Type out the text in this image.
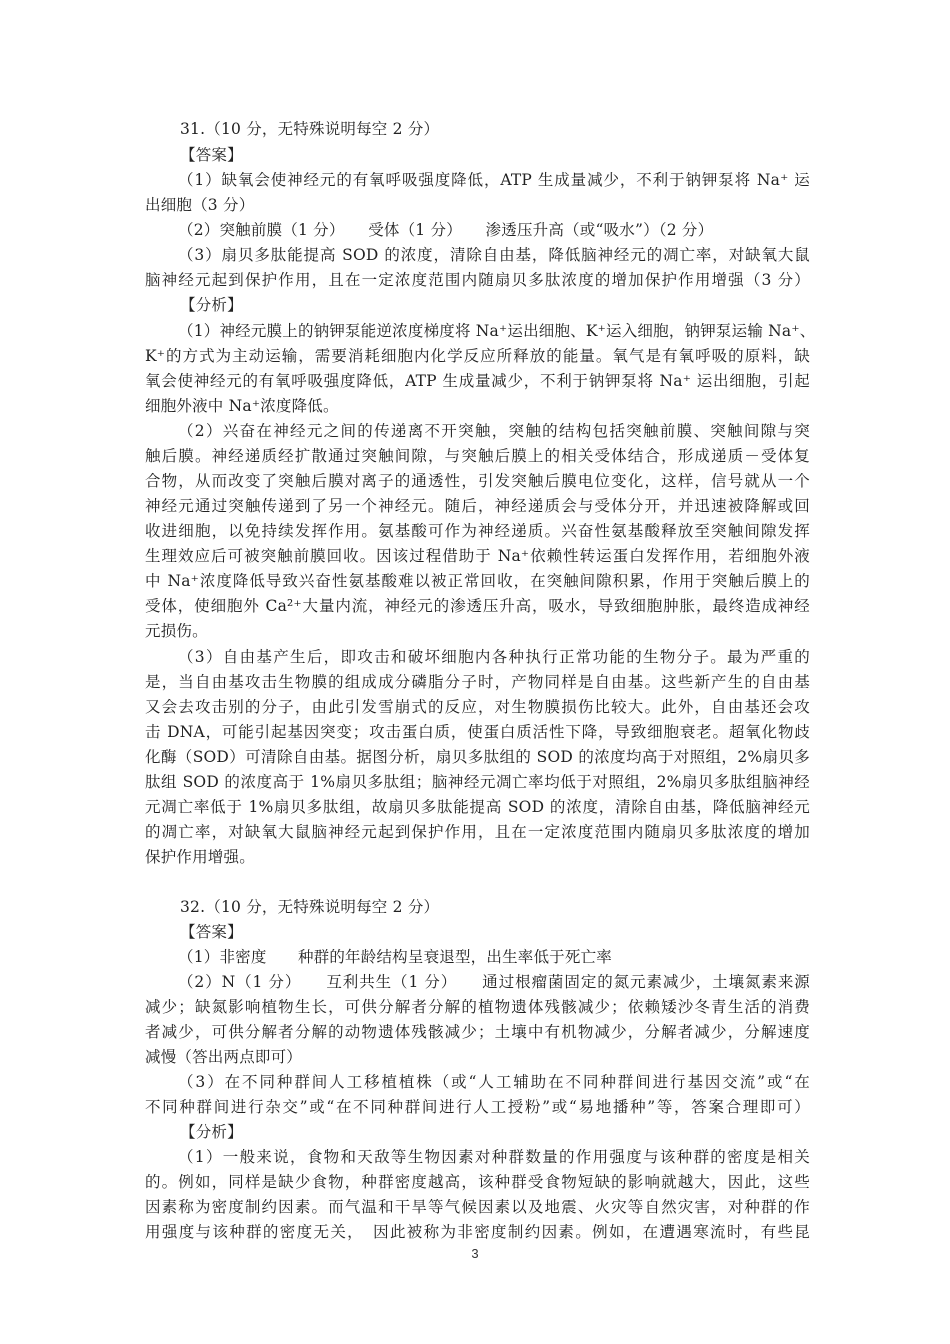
31.（10 分，无特殊说明每空 2 分）
【答案】
（1）缺氧会使神经元的有氧呼吸强度降低，ATP 生成量减少，不利于钠钾泵将 Na⁺ 运
出细胞（3 分）
（2）突触前膜（1 分）　　受体（1 分）　　渗透压升高（或“吸水”）（2 分）
（3）扇贝多肽能提高 SOD 的浓度，清除自由基，降低脑神经元的凋亡率，对缺氧大鼠
脑神经元起到保护作用，且在一定浓度范围内随扇贝多肽浓度的增加保护作用增强（3 分）
【分析】
（1）神经元膜上的钠钾泵能逆浓度梯度将 Na⁺运出细胞、K⁺运入细胞，钠钾泵运输 Na⁺、
K⁺的方式为主动运输，需要消耗细胞内化学反应所释放的能量。氧气是有氧呼吸的原料，缺
氧会使神经元的有氧呼吸强度降低，ATP 生成量减少，不利于钠钾泵将 Na⁺ 运出细胞，引起
细胞外液中 Na⁺浓度降低。
（2）兴奋在神经元之间的传递离不开突触，突触的结构包括突触前膜、突触间隙与突
触后膜。神经递质经扩散通过突触间隙，与突触后膜上的相关受体结合，形成递质－受体复
合物，从而改变了突触后膜对离子的通透性，引发突触后膜电位变化，这样，信号就从一个
神经元通过突触传递到了另一个神经元。随后，神经递质会与受体分开，并迅速被降解或回
收进细胞，以免持续发挥作用。氨基酸可作为神经递质。兴奋性氨基酸释放至突触间隙发挥
生理效应后可被突触前膜回收。因该过程借助于 Na⁺依赖性转运蛋白发挥作用，若细胞外液
中 Na⁺浓度降低导致兴奋性氨基酸难以被正常回收，在突触间隙积累，作用于突触后膜上的
受体，使细胞外 Ca²⁺大量内流，神经元的渗透压升高，吸水，导致细胞肿胀，最终造成神经
元损伤。
（3）自由基产生后，即攻击和破坏细胞内各种执行正常功能的生物分子。最为严重的
是，当自由基攻击生物膜的组成成分磷脂分子时，产物同样是自由基。这些新产生的自由基
又会去攻击别的分子，由此引发雪崩式的反应，对生物膜损伤比较大。此外，自由基还会攻
击 DNA，可能引起基因突变；攻击蛋白质，使蛋白质活性下降，导致细胞衰老。超氧化物歧
化酶（SOD）可清除自由基。据图分析，扇贝多肽组的 SOD 的浓度均高于对照组，2%扇贝多
肽组 SOD 的浓度高于 1%扇贝多肽组；脑神经元凋亡率均低于对照组，2%扇贝多肽组脑神经
元凋亡率低于 1%扇贝多肽组，故扇贝多肽能提高 SOD 的浓度，清除自由基，降低脑神经元
的凋亡率，对缺氧大鼠脑神经元起到保护作用，且在一定浓度范围内随扇贝多肽浓度的增加
保护作用增强。
32.（10 分，无特殊说明每空 2 分）
【答案】
（1）非密度　　种群的年龄结构呈衰退型，出生率低于死亡率
（2）N（1 分）　　互利共生（1 分）　　通过根瘤菌固定的氮元素减少，土壤氮素来源
减少；缺氮影响植物生长，可供分解者分解的植物遗体残骸减少；依赖矮沙冬青生活的消费
者减少，可供分解者分解的动物遗体残骸减少；土壤中有机物减少，分解者减少，分解速度
减慢（答出两点即可）
（3）在不同种群间人工移植植株（或“人工辅助在不同种群间进行基因交流”或“在
不同种群间进行杂交”或“在不同种群间进行人工授粉”或“易地播种”等，答案合理即可）
【分析】
（1）一般来说，食物和天敌等生物因素对种群数量的作用强度与该种群的密度是相关
的。例如，同样是缺少食物，种群密度越高，该种群受食物短缺的影响就越大，因此，这些
因素称为密度制约因素。而气温和干旱等气候因素以及地震、火灾等自然灾害，对种群的作
用强度与该种群的密度无关，　因此被称为非密度制约因素。例如，在遭遇寒流时，有些昆
3
